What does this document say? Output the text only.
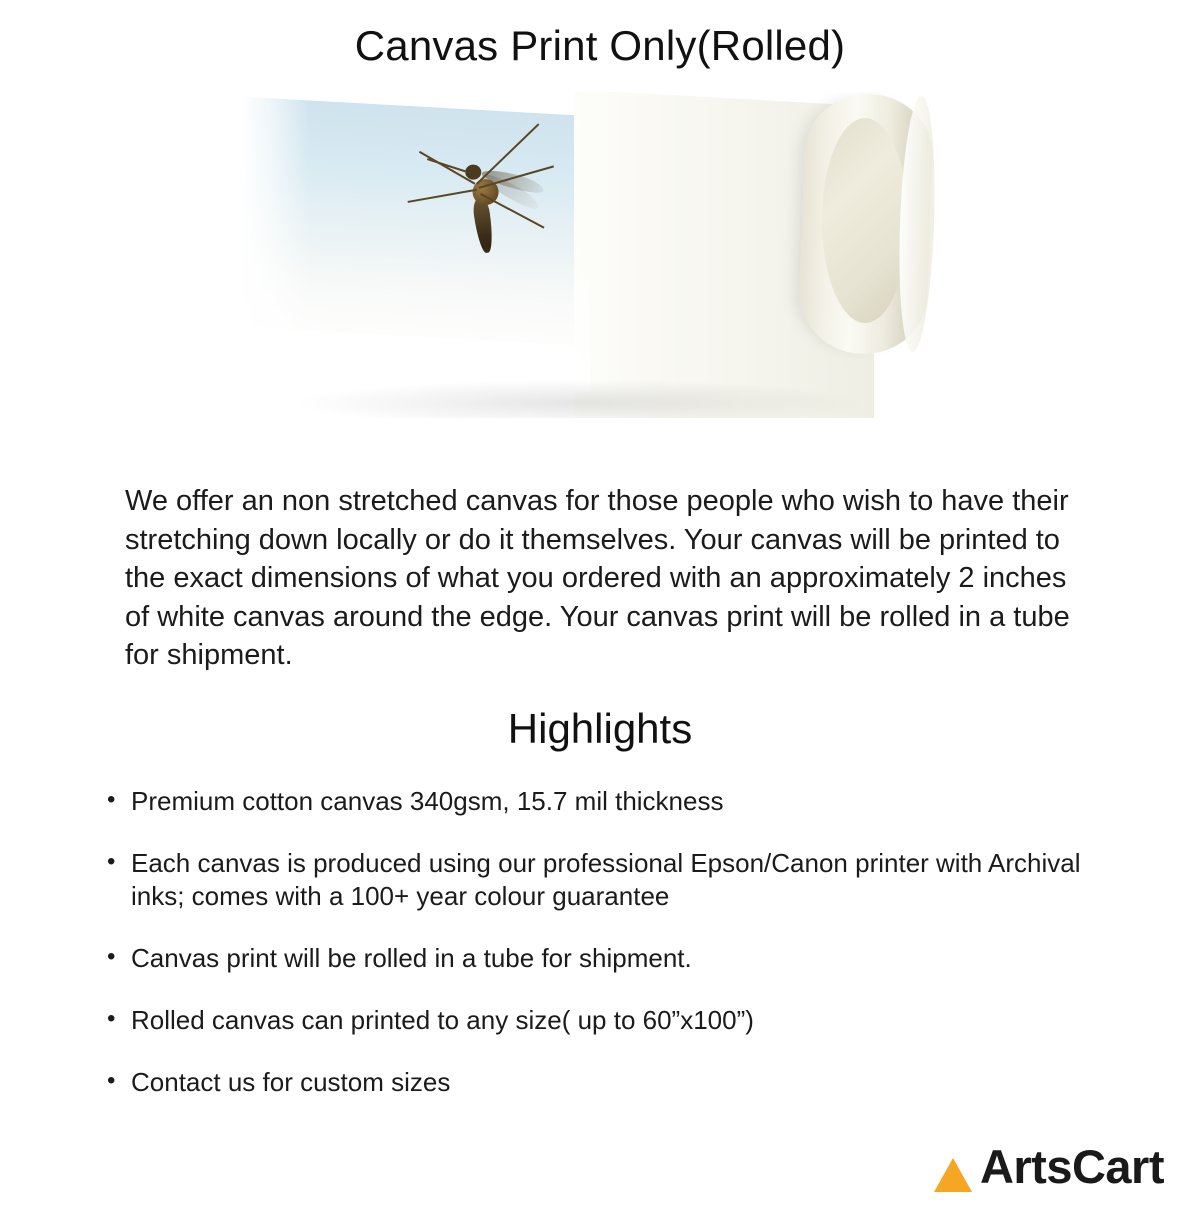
Canvas Print Only(Rolled)

We offer an non stretched canvas for those people who wish to have their stretching down locally or do it themselves. Your canvas will be printed to the exact dimensions of what you ordered with an approximately 2 inches of white canvas around the edge. Your canvas print will be rolled in a tube for shipment.

Highlights
• Premium cotton canvas 340gsm, 15.7 mil thickness
• Each canvas is produced using our professional Epson/Canon printer with Archival inks; comes with a 100+ year colour guarantee
• Canvas print will be rolled in a tube for shipment.
• Rolled canvas can printed to any size( up to 60”x100”)
• Contact us for custom sizes
Arts Cart
